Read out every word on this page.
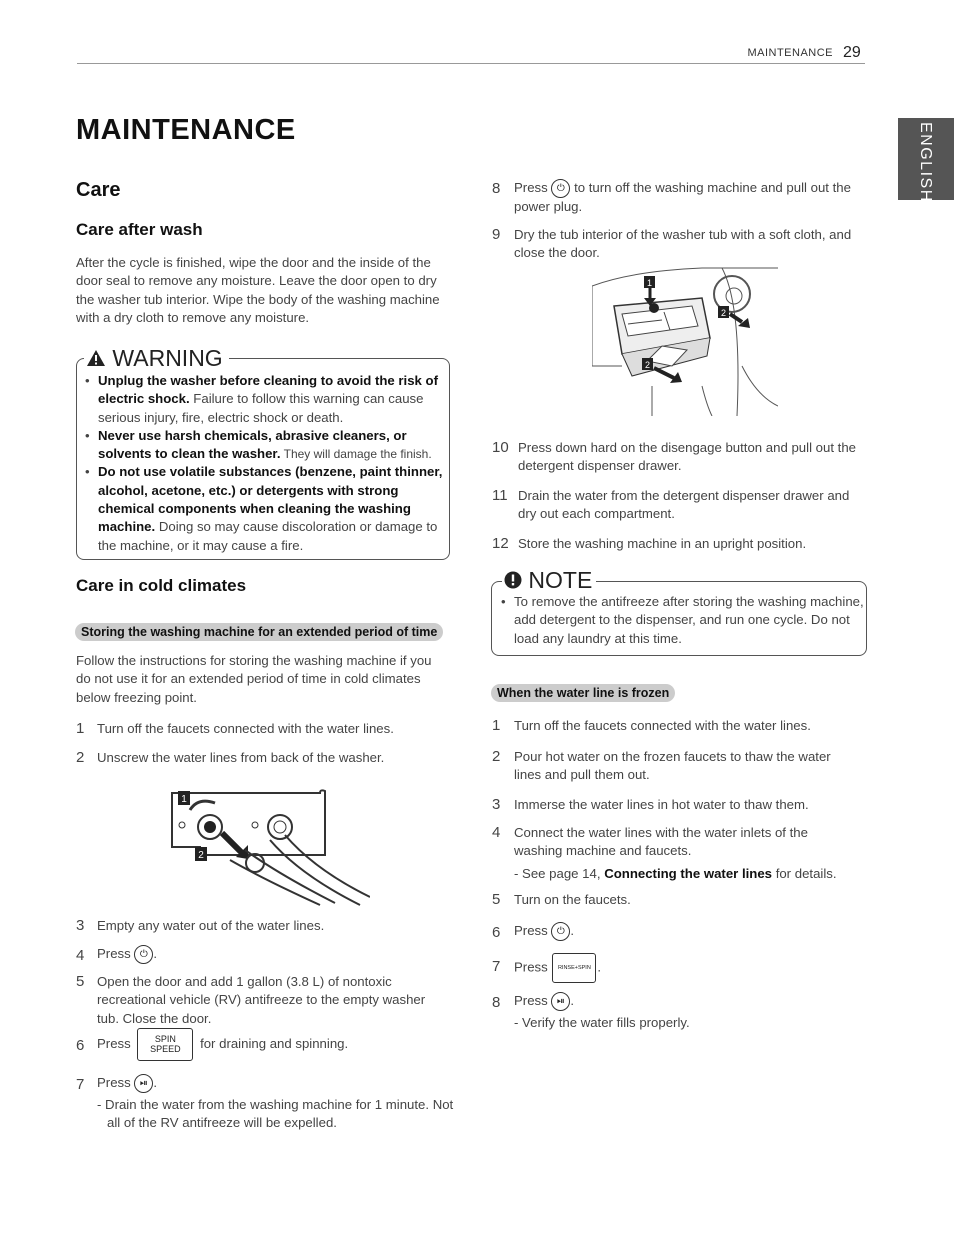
MAINTENANCE 29
ENGLISH
MAINTENANCE
Care
Care after wash
After the cycle is finished, wipe the door and the inside of the door seal to remove any moisture. Leave the door open to dry the washer tub interior. Wipe the body of the washing machine with a dry cloth to remove any moisture.
WARNING
• Unplug the washer before cleaning to avoid the risk of electric shock. Failure to follow this warning can cause serious injury, fire, electric shock or death.
• Never use harsh chemicals, abrasive cleaners, or solvents to clean the washer. They will damage the finish.
• Do not use volatile substances (benzene, paint thinner, alcohol, acetone, etc.) or detergents with strong chemical components when cleaning the washing machine. Doing so may cause discoloration or damage to the machine, or it may cause a fire.
Care in cold climates
Storing the washing machine for an extended period of time
Follow the instructions for storing the washing machine if you do not use it for an extended period of time in cold climates below freezing point.
1 Turn off the faucets connected with the water lines.
2 Unscrew the water lines from back of the washer.
1
2
3 Empty any water out of the water lines.
4 Press ⏻ .
5 Open the door and add 1 gallon (3.8 L) of nontoxic recreational vehicle (RV) antifreeze to the empty washer tub. Close the door.
6 Press	SPIN SPEED for draining and spinning.
7 Press ⏯ .
- Drain the water from the washing machine for 1 minute. Not all of the RV antifreeze will be expelled.
8 Press ⏻ to turn off the washing machine and pull out the power plug.
9 Dry the tub interior of the washer tub with a soft cloth, and close the door.
1
2
2
10 Press down hard on the disengage button and pull out the detergent dispenser drawer.
11 Drain the water from the detergent dispenser drawer and dry out each compartment.
12 Store the washing machine in an upright position.
NOTE
• To remove the antifreeze after storing the washing machine, add detergent to the dispenser, and run one cycle. Do not load any laundry at this time.
When the water line is frozen
1 Turn off the faucets connected with the water lines.
2 Pour hot water on the frozen faucets to thaw the water lines and pull them out.
3 Immerse the water lines in hot water to thaw them.
4 Connect the water lines with the water inlets of the washing machine and faucets.
- See page 14, Connecting the water lines for details.
5 Turn on the faucets.
6 Press ⏻ .
7 Press RINSE+SPIN .
8 Press ⏯ .
- Verify the water fills properly.
